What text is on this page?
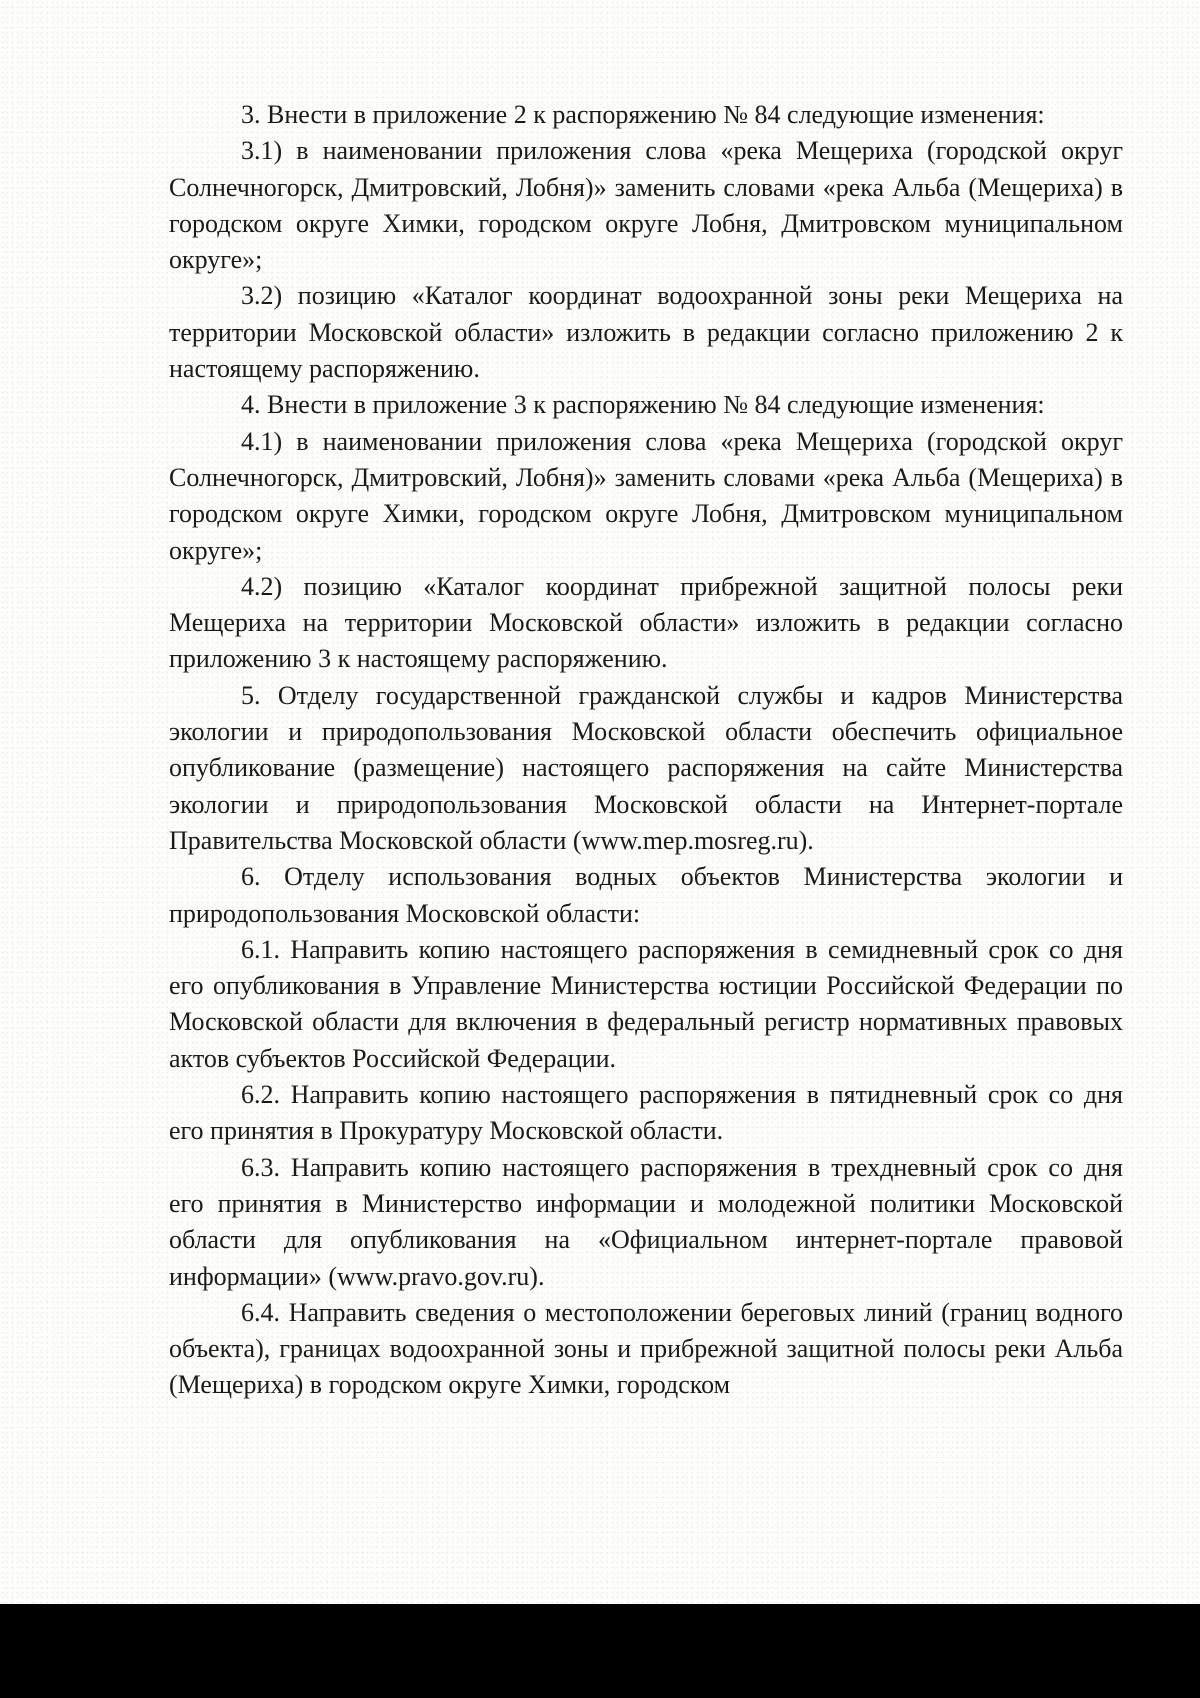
3. Внести в приложение 2 к распоряжению № 84 следующие изменения:

3.1) в наименовании приложения слова «река Мещериха (городской округ Солнечногорск, Дмитровский, Лобня)» заменить словами «река Альба (Мещериха) в городском округе Химки, городском округе Лобня, Дмитровском муниципальном округе»;

3.2) позицию «Каталог координат водоохранной зоны реки Мещериха на территории Московской области» изложить в редакции согласно приложению 2 к настоящему распоряжению.

4. Внести в приложение 3 к распоряжению № 84 следующие изменения:

4.1) в наименовании приложения слова «река Мещериха (городской округ Солнечногорск, Дмитровский, Лобня)» заменить словами «река Альба (Мещериха) в городском округе Химки, городском округе Лобня, Дмитровском муниципальном округе»;

4.2) позицию «Каталог координат прибрежной защитной полосы реки Мещериха на территории Московской области» изложить в редакции согласно приложению 3 к настоящему распоряжению.

5. Отделу государственной гражданской службы и кадров Министерства экологии и природопользования Московской области обеспечить официальное опубликование (размещение) настоящего распоряжения на сайте Министерства экологии и природопользования Московской области на Интернет-портале Правительства Московской области (www.mep.mosreg.ru).

6. Отделу использования водных объектов Министерства экологии и природопользования Московской области:

6.1. Направить копию настоящего распоряжения в семидневный срок со дня его опубликования в Управление Министерства юстиции Российской Федерации по Московской области для включения в федеральный регистр нормативных правовых актов субъектов Российской Федерации.

6.2. Направить копию настоящего распоряжения в пятидневный срок со дня его принятия в Прокуратуру Московской области.

6.3. Направить копию настоящего распоряжения в трехдневный срок со дня его принятия в Министерство информации и молодежной политики Московской области для опубликования на «Официальном интернет-портале правовой информации» (www.pravo.gov.ru).

6.4. Направить сведения о местоположении береговых линий (границ водного объекта), границах водоохранной зоны и прибрежной защитной полосы реки Альба (Мещериха) в городском округе Химки, городском
